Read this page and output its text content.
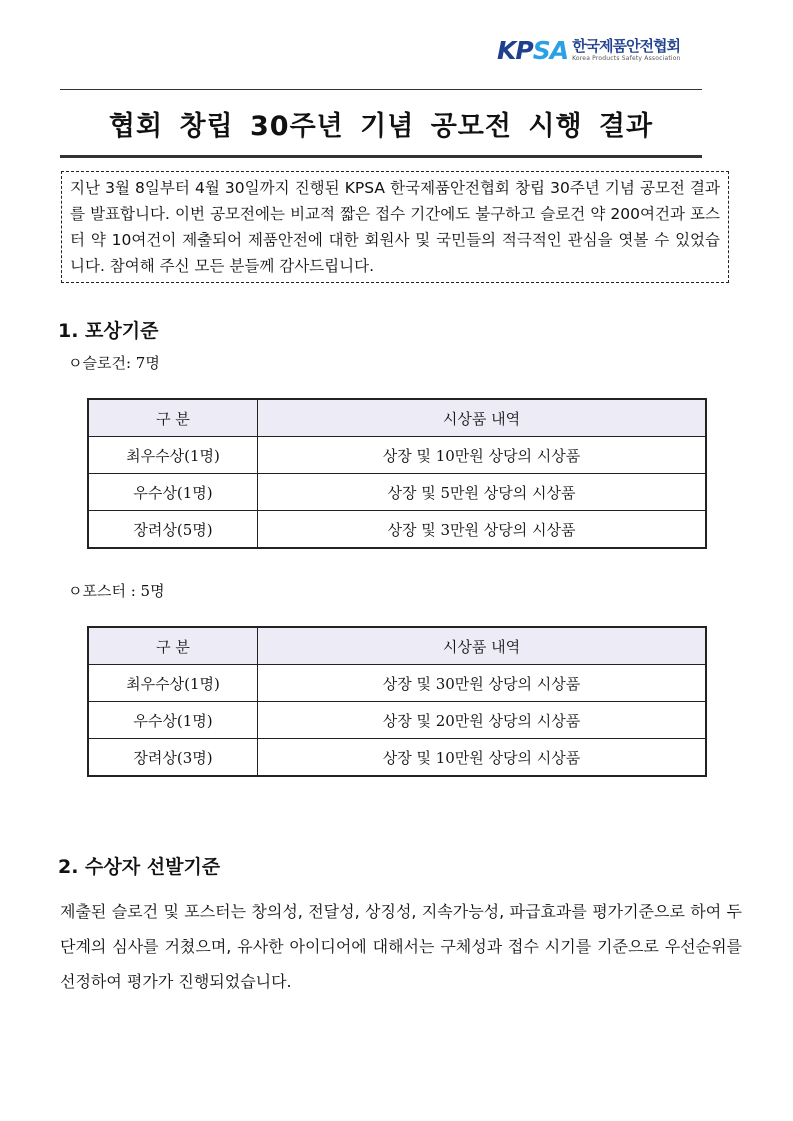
KPSA 한국제품안전협회
Korea Products Safety Association
협회 창립 30주년 기념 공모전 시행 결과
지난 3월 8일부터 4월 30일까지 진행된 KPSA 한국제품안전협회 창립 30주년 기념 공모전 결과를 발표합니다. 이번 공모전에는 비교적 짧은 접수 기간에도 불구하고 슬로건 약 200여건과 포스터 약 10여건이 제출되어 제품안전에 대한 회원사 및 국민들의 적극적인 관심을 엿볼 수 있었습니다. 참여해 주신 모든 분들께 감사드립니다.
1. 포상기준
ㅇ슬로건: 7명
구 분	시상품 내역
최우수상(1명)	상장 및 10만원 상당의 시상품
우수상(1명)	상장 및 5만원 상당의 시상품
장려상(5명)	상장 및 3만원 상당의 시상품
ㅇ포스터 : 5명
구 분	시상품 내역
최우수상(1명)	상장 및 30만원 상당의 시상품
우수상(1명)	상장 및 20만원 상당의 시상품
장려상(3명)	상장 및 10만원 상당의 시상품
2. 수상자 선발기준
제출된 슬로건 및 포스터는 창의성, 전달성, 상징성, 지속가능성, 파급효과를 평가기준으로 하여 두 단계의 심사를 거쳤으며, 유사한 아이디어에 대해서는 구체성과 접수 시기를 기준으로 우선순위를 선정하여 평가가 진행되었습니다.
